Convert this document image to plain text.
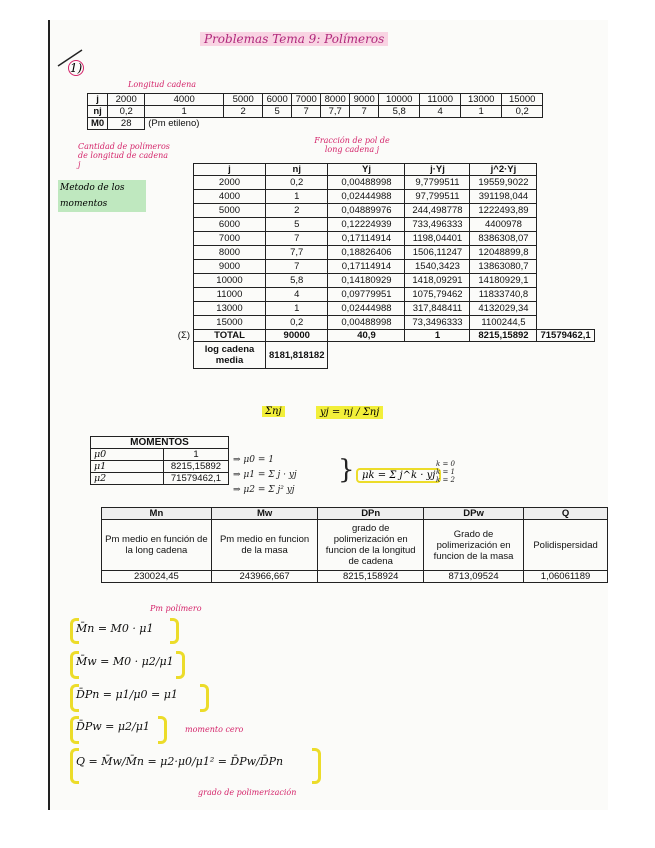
Problemas Tema 9: Polímeros
1)
Longitud cadena
j	2000	4000	5000	6000	7000	8000	9000	10000	11000	13000	15000
nj	0,2	1	2	5	7	7,7	7	5,8	4	1	0,2
M0	28	(Pm etileno)									
Cantidad de polímeros de longitud de cadena j
Metodo de los momentos
Fracción de pol de long cadena j
	j	nj	Yj	j·Yj	j^2·Yj	
	2000	0,2	0,00488998	9,7799511	19559,9022	
	4000	1	0,02444988	97,799511	391198,044	
	5000	2	0,04889976	244,498778	1222493,89	
	6000	5	0,12224939	733,496333	4400978	
	7000	7	0,17114914	1198,04401	8386308,07	
	8000	7,7	0,18826406	1506,11247	12048899,8	
	9000	7	0,17114914	1540,3423	13863080,7	
	10000	5,8	0,14180929	1418,09291	14180929,1	
	11000	4	0,09779951	1075,79462	11833740,8	
	13000	1	0,02444988	317,848411	4132029,34	
	15000	0,2	0,00488998	73,3496333	1100244,5	
(Σ)	TOTAL	90000	40,9	1	8215,15892	71579462,1
	log cadena media	8181,818182				
Σnj	yj = nj / Σnj
MOMENTOS	
μ0	1
μ1	8215,15892
μ2	71579462,1
⇒ μ0 = 1
⇒ μ1 = Σ j · yj
⇒ μ2 = Σ j² yj
} μk = Σ j^k · yj
k = 0
k = 1
k = 2
Mn	Mw	DPn	DPw	Q
Pm medio en función de la long cadena	Pm medio en funcion de la masa	grado de polimerización en funcion de la longitud de cadena	Grado de polimerización en funcion de la masa	Polidispersidad
230024,45	243966,667	8215,158924	8713,09524	1,06061189
Pm polímero
M̄n = M0 · μ1
M̄w = M0 · μ2/μ1
D̄Pn = μ1/μ0 = μ1
D̄Pw = μ2/μ1	momento cero
Q = M̄w/M̄n = μ2·μ0/μ1² = D̄Pw/D̄Pn
grado de polimerización
